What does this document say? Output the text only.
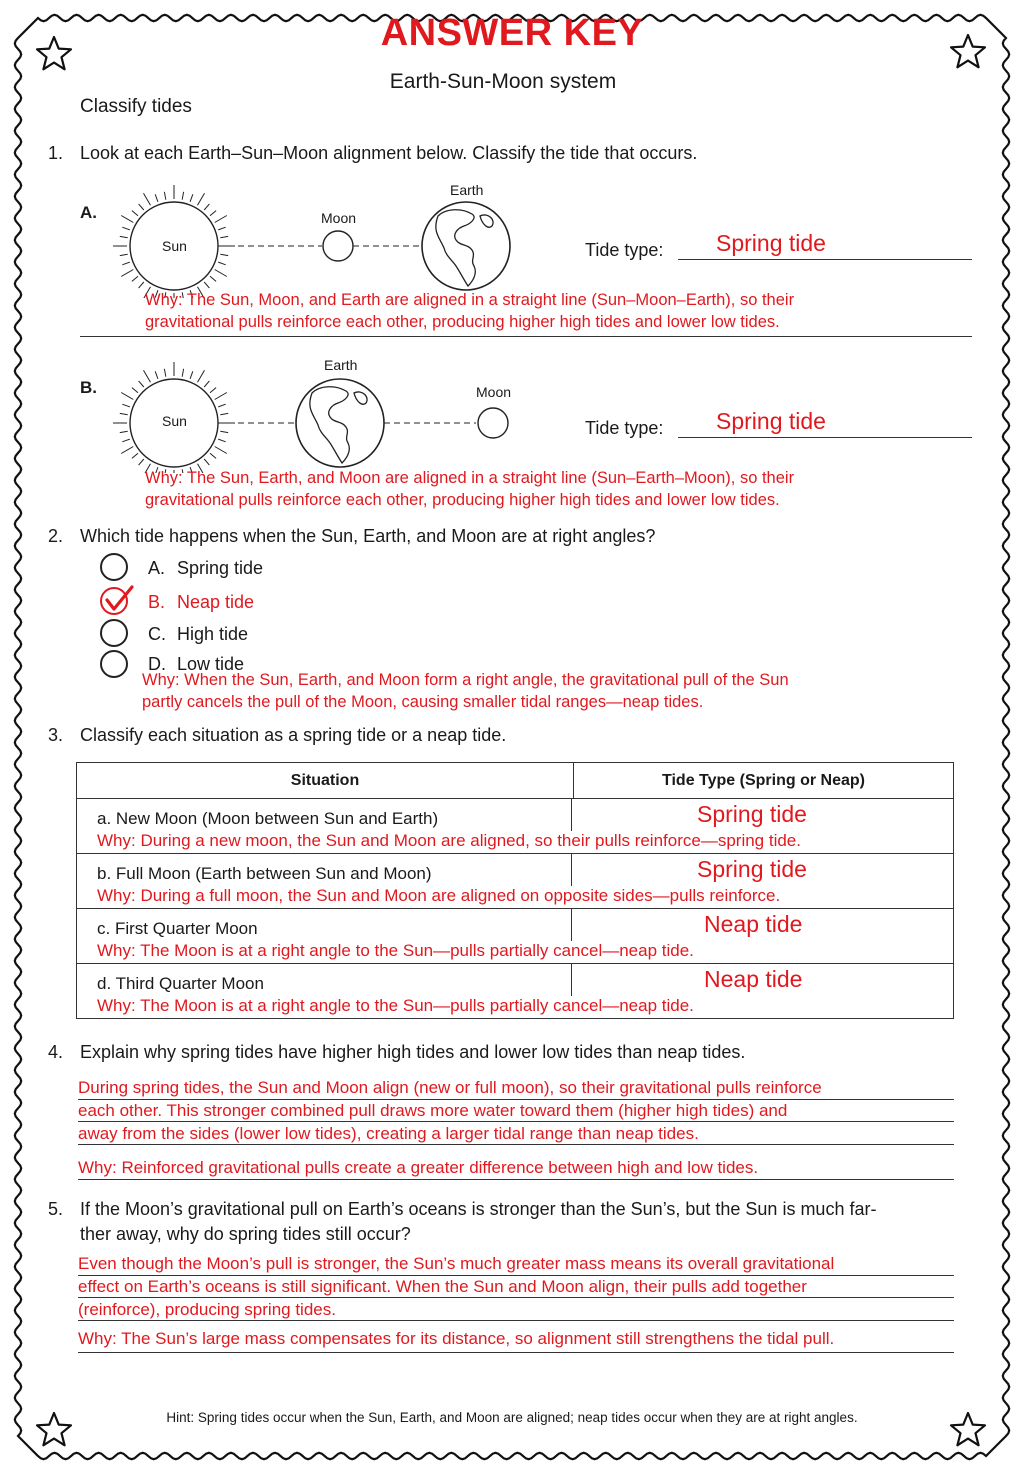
ANSWER KEY
Earth-Sun-Moon system
Classify tides
1. Look at each Earth–Sun–Moon alignment below. Classify the tide that occurs.
A.
Sun
Moon
Earth
Tide type: Spring tide
Why: The Sun, Moon, and Earth are aligned in a straight line (Sun–Moon–Earth), so their
gravitational pulls reinforce each other, producing higher high tides and lower low tides.
B.
Sun
Moon
Earth
Tide type: Spring tide
Why: The Sun, Earth, and Moon are aligned in a straight line (Sun–Earth–Moon), so their
gravitational pulls reinforce each other, producing higher high tides and lower low tides.
2. Which tide happens when the Sun, Earth, and Moon are at right angles?
A. Spring tide
B. Neap tide
C. High tide
D. Low tide
Why: When the Sun, Earth, and Moon form a right angle, the gravitational pull of the Sun
partly cancels the pull of the Moon, causing smaller tidal ranges—neap tides.
3. Classify each situation as a spring tide or a neap tide.
Situation	Tide Type (Spring or Neap)

a. New Moon (Moon between Sun and Earth)	Spring tide
Why: During a new moon, the Sun and Moon are aligned, so their pulls reinforce—spring tide.

b. Full Moon (Earth between Sun and Moon)	Spring tide
Why: During a full moon, the Sun and Moon are aligned on opposite sides—pulls reinforce.

c. First Quarter Moon	Neap tide
Why: The Moon is at a right angle to the Sun—pulls partially cancel—neap tide.

d. Third Quarter Moon	Neap tide
Why: The Moon is at a right angle to the Sun—pulls partially cancel—neap tide.
4. Explain why spring tides have higher high tides and lower low tides than neap tides.
During spring tides, the Sun and Moon align (new or full moon), so their gravitational pulls reinforce
each other. This stronger combined pull draws more water toward them (higher high tides) and
away from the sides (lower low tides), creating a larger tidal range than neap tides.
Why: Reinforced gravitational pulls create a greater difference between high and low tides.
5. If the Moon’s gravitational pull on Earth’s oceans is stronger than the Sun’s, but the Sun is much far-
ther away, why do spring tides still occur?
Even though the Moon’s pull is stronger, the Sun’s much greater mass means its overall gravitational
effect on Earth’s oceans is still significant. When the Sun and Moon align, their pulls add together
(reinforce), producing spring tides.
Why: The Sun’s large mass compensates for its distance, so alignment still strengthens the tidal pull.
Hint: Spring tides occur when the Sun, Earth, and Moon are aligned; neap tides occur when they are at right angles.
